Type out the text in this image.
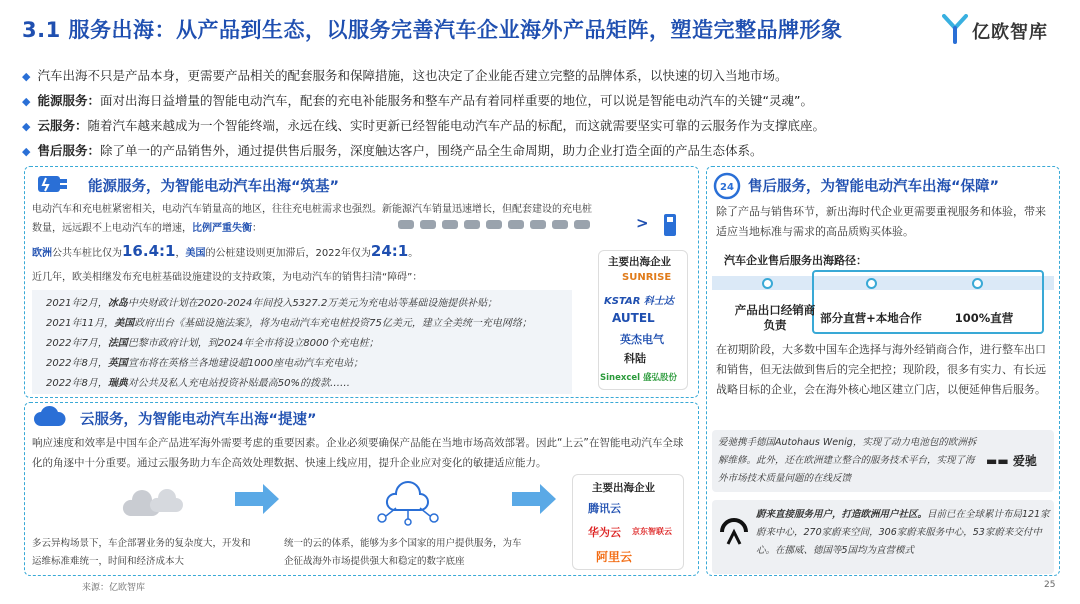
3.1 服务出海：从产品到生态，以服务完善汽车企业海外产品矩阵，塑造完整品牌形象	亿欧智库
◆ 汽车出海不只是产品本身，更需要产品相关的配套服务和保障措施，这也决定了企业能否建立完整的品牌体系，以快速的切入当地市场。
◆ 能源服务：面对出海日益增量的智能电动汽车，配套的充电补能服务和整车产品有着同样重要的地位，可以说是智能电动汽车的关键“灵魂”。
◆ 云服务：随着汽车越来越成为一个智能终端，永远在线、实时更新已经智能电动汽车产品的标配，而这就需要坚实可靠的云服务作为支撑底座。
◆ 售后服务：除了单一的产品销售外，通过提供售后服务，深度触达客户，围绕产品全生命周期，助力企业打造全面的产品生态体系。
能源服务，为智能电动汽车出海“筑基”
电动汽车和充电桩紧密相关，电动汽车销量高的地区，往往充电桩需求也强烈。新能源汽车销量迅速增长，但配套建设的充电桩数量，远远跟不上电动汽车的增速，比例严重失衡：	>
欧洲公共车桩比仅为16.4:1，美国的公桩建设则更加滞后，2022年仅为24:1。
近几年，欧美相继发布充电桩基础设施建设的支持政策，为电动汽车的销售扫清“障碍”：
2021年2月，冰岛中央财政计划在2020-2024年间投入5327.2万美元为充电站等基础设施提供补贴；
2021年11月，美国政府出台《基础设施法案》，将为电动汽车充电桩投资75亿美元，建立全美统一充电网络；
2022年7月，法国巴黎市政府计划，到2024年全市将设立8000个充电桩；
2022年8月，英国宣布将在英格兰各地建设超1000座电动汽车充电站；
2022年8月，瑞典对公共及私人充电站投资补贴最高50%的拨款……
主要出海企业
SUNRISE
KSTAR 科士达
AUTEL
英杰电气
科陆
Sinexcel 盛弘股份
云服务，为智能电动汽车出海“提速”
响应速度和效率是中国车企产品进军海外需要考虑的重要因素。企业必须要确保产品能在当地市场高效部署。因此“上云”在智能电动汽车全球化的角逐中十分重要。通过云服务助力车企高效处理数据、快速上线应用，提升企业应对变化的敏捷适应能力。
多云异构场景下，车企部署业务的复杂度大，开发和运维标准难统一，时间和经济成本大
统一的云的体系，能够为多个国家的用户提供服务，为车企征战海外市场提供强大和稳定的数字底座
主要出海企业
腾讯云
华为云 京东智联云
阿里云
24 售后服务，为智能电动汽车出海“保障”
除了产品与销售环节，新出海时代企业更需要重视服务和体验，带来适应当地标准与需求的高品质购买体验。
汽车企业售后服务出海路径：
产品出口经销商负责
部分直营+本地合作	100%直营
在初期阶段，大多数中国车企选择与海外经销商合作，进行整车出口和销售，但无法做到售后的完全把控；现阶段，很多有实力、有长远战略目标的企业，会在海外核心地区建立门店，以便延伸售后服务。
爱驰携手德国Autohaus Wenig，实现了动力电池包的欧洲拆解维修。此外，还在欧洲建立整合的服务技术平台，实现了海外市场技术质量问题的在线反馈
▬▬ 爱驰
蔚来直接服务用户，打造欧洲用户社区。目前已在全球累计布局121家蔚来中心，270家蔚来空间，306家蔚来服务中心，53家蔚来交付中心。在挪威、德国等5国均为直营模式
来源：亿欧智库	25
